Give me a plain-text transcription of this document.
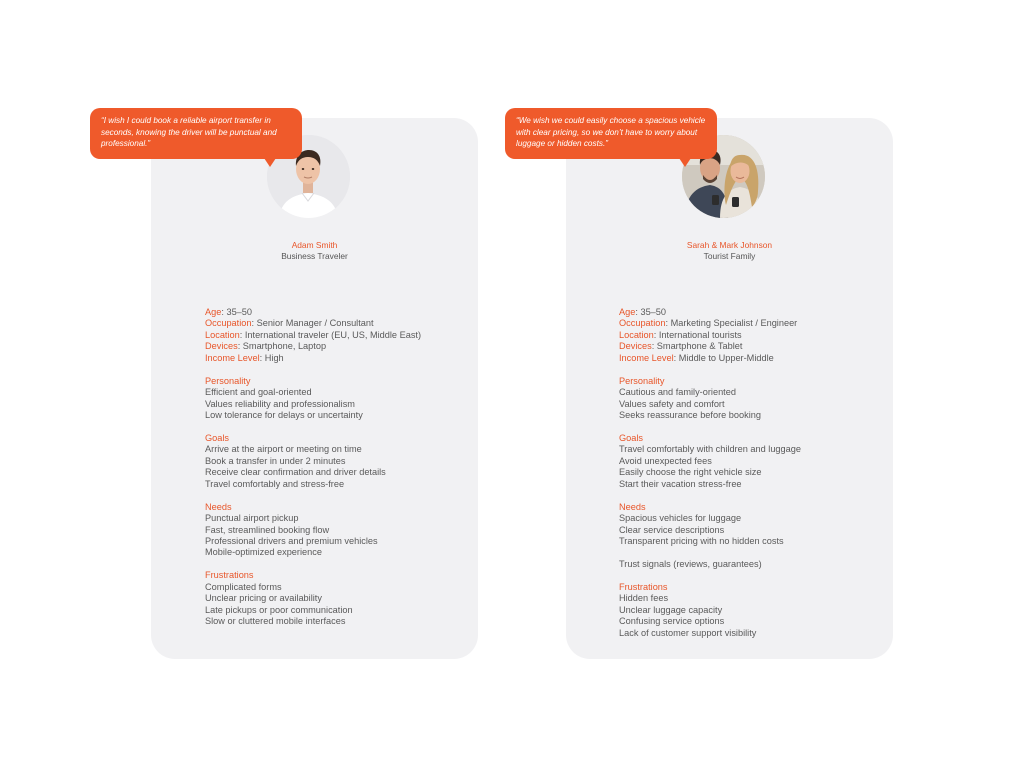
“I wish I could book a reliable airport transfer in seconds, knowing the driver will be punctual and professional.”
Adam Smith
Business Traveler
Age: 35–50
Occupation: Senior Manager / Consultant
Location: International traveler (EU, US, Middle East)
Devices: Smartphone, Laptop
Income Level: High
Personality
Efficient and goal-oriented
Values reliability and professionalism
Low tolerance for delays or uncertainty
Goals
Arrive at the airport or meeting on time
Book a transfer in under 2 minutes
Receive clear confirmation and driver details
Travel comfortably and stress-free
Needs
Punctual airport pickup
Fast, streamlined booking flow
Professional drivers and premium vehicles
Mobile-optimized experience
Frustrations
Complicated forms
Unclear pricing or availability
Late pickups or poor communication
Slow or cluttered mobile interfaces
“We wish we could easily choose a spacious vehicle with clear pricing, so we don’t have to worry about luggage or hidden costs.”
Sarah & Mark Johnson
Tourist Family
Age: 35–50
Occupation: Marketing Specialist / Engineer
Location: International tourists
Devices: Smartphone & Tablet
Income Level: Middle to Upper-Middle
Personality
Cautious and family-oriented
Values safety and comfort
Seeks reassurance before booking
Goals
Travel comfortably with children and luggage
Avoid unexpected fees
Easily choose the right vehicle size
Start their vacation stress-free
Needs
Spacious vehicles for luggage
Clear service descriptions
Transparent pricing with no hidden costs
Trust signals (reviews, guarantees)
Frustrations
Hidden fees
Unclear luggage capacity
Confusing service options
Lack of customer support visibility
